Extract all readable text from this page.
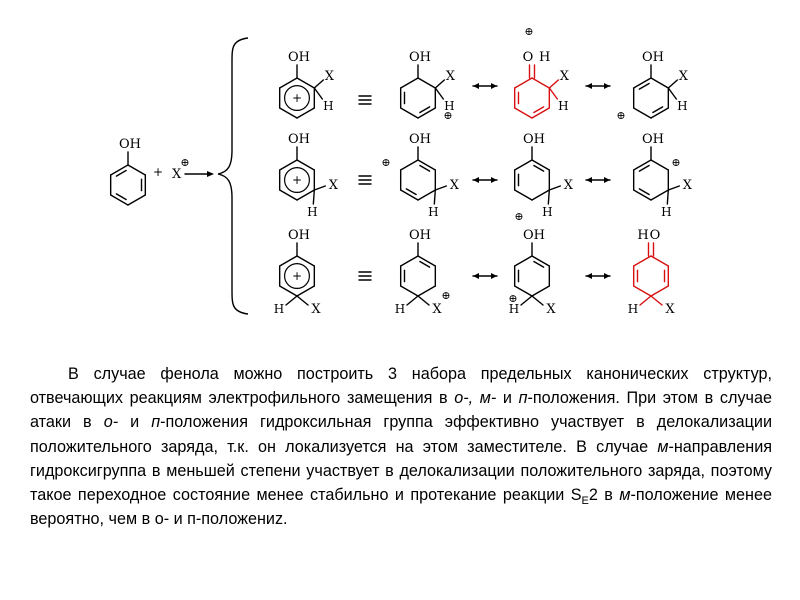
OH
+ X
⊕
+
OH
X
H
OH
X
H
⊕
O H
X
H
⊕
OH
X
H
⊕
+
OH
X
H
OH
X
H
⊕
OH
X
H
⊕
OH
X
H
⊕
+
OH
H X
OH
H X
⊕
OH
H X
⊕
O
H
H X

В случае фенола можно построить 3 набора предельных канонических структур, отвечающих реакциям электрофильного замещения в о-, м- и п-положения. При этом в случае атаки в о- и п-положения гидроксильная группа эффективно участвует в делокализации положительного заряда, т.к. он локализуется на этом заместителе. В случае м-направления гидроксигруппа в меньшей степени участвует в делокализации положительного заряда, поэтому такое переходное состояние менее стабильно и протекание реакции $S_E2$ в м-положение менее вероятно, чем в о- и п-положениz.
